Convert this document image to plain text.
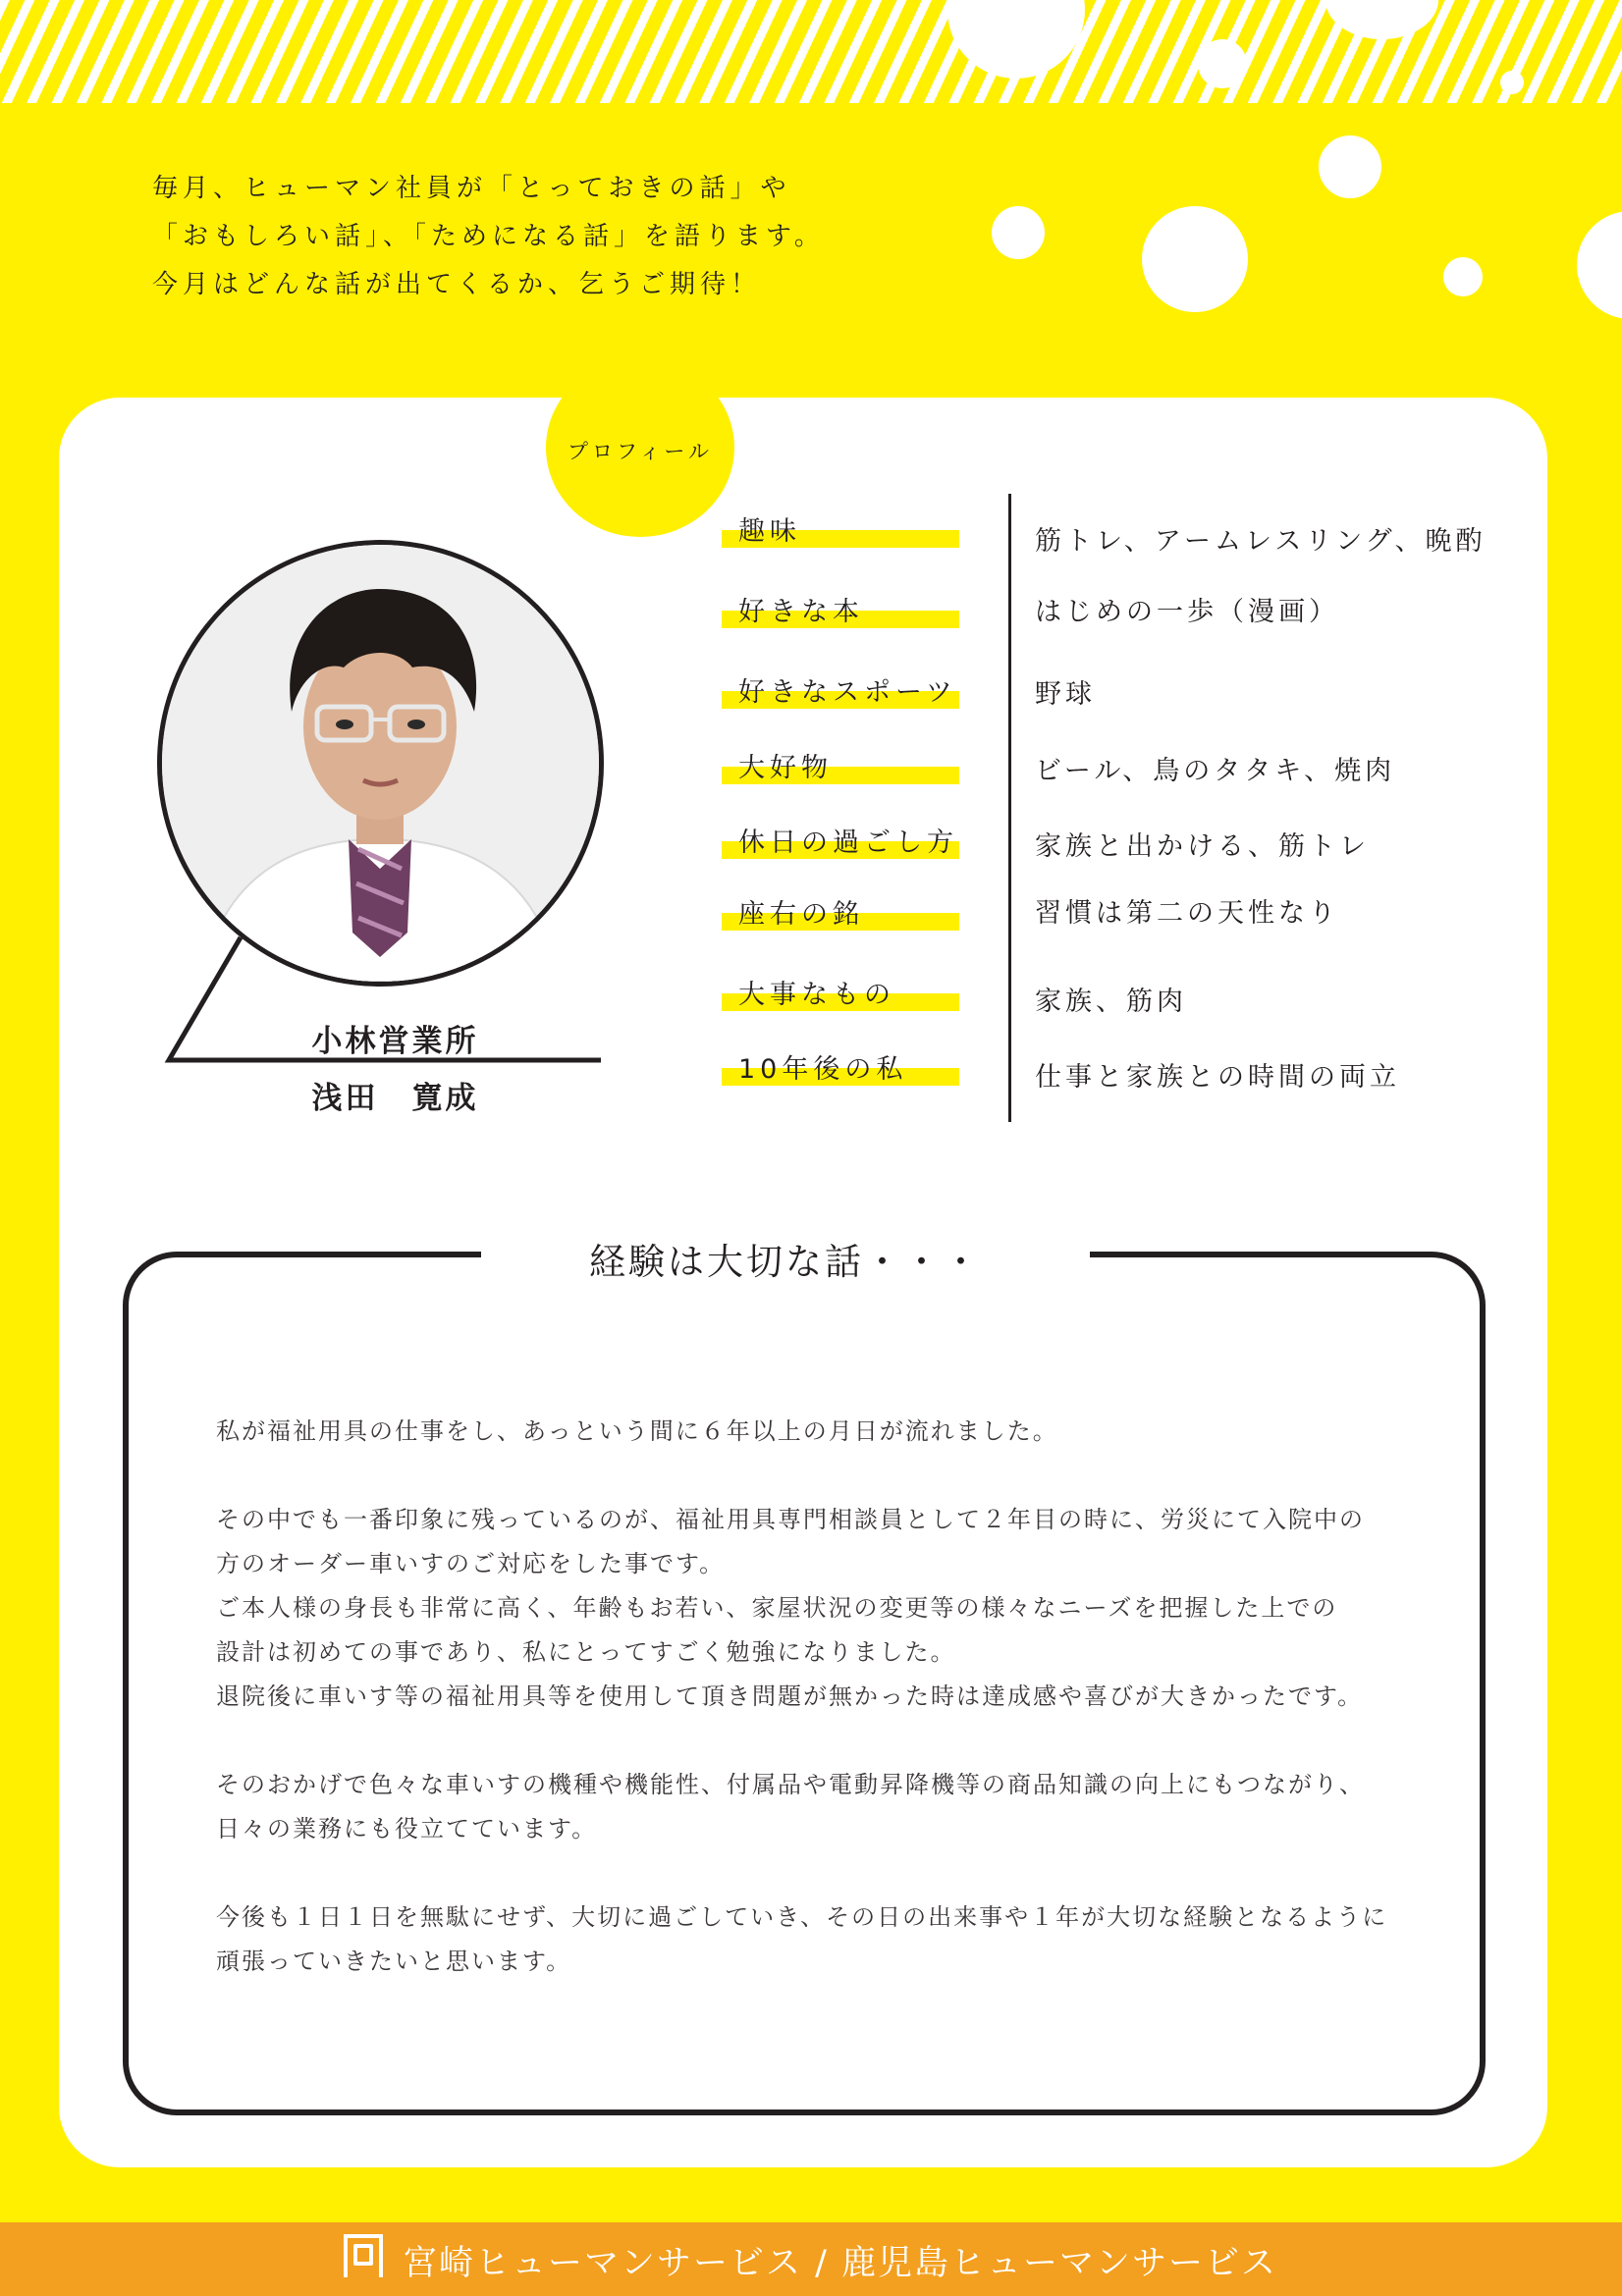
毎月、ヒューマン社員が「とっておきの話」や
「おもしろい話」、「ためになる話」を語ります。
今月はどんな話が出てくるか、乞うご期待！
プロフィール
小林営業所
浅田　寛成
趣味	筋トレ、アームレスリング、晩酌
好きな本	はじめの一歩（漫画）
好きなスポーツ	野球
大好物	ビール、鳥のタタキ、焼肉
休日の過ごし方	家族と出かける、筋トレ
座右の銘	習慣は第二の天性なり
大事なもの	家族、筋肉
10年後の私	仕事と家族との時間の両立
経験は大切な話・・・

私が福祉用具の仕事をし、あっという間に６年以上の月日が流れました。

その中でも一番印象に残っているのが、福祉用具専門相談員として２年目の時に、労災にて入院中の

方のオーダー車いすのご対応をした事です。

ご本人様の身長も非常に高く、年齢もお若い、家屋状況の変更等の様々なニーズを把握した上での

設計は初めての事であり、私にとってすごく勉強になりました。

退院後に車いす等の福祉用具等を使用して頂き問題が無かった時は達成感や喜びが大きかったです。

そのおかげで色々な車いすの機種や機能性、付属品や電動昇降機等の商品知識の向上にもつながり、

日々の業務にも役立てています。

今後も１日１日を無駄にせず、大切に過ごしていき、その日の出来事や１年が大切な経験となるように

頑張っていきたいと思います。

宮崎ヒューマンサービス / 鹿児島ヒューマンサービス
